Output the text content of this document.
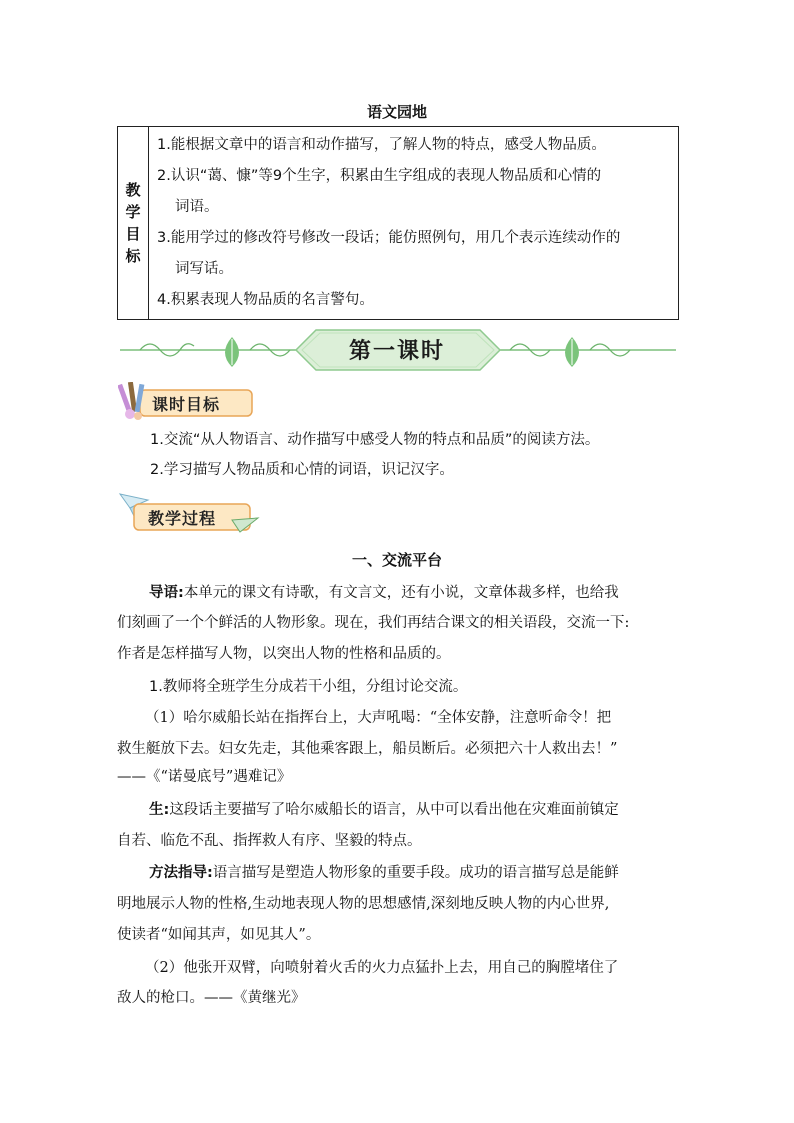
语文园地
教
学
目
标

1.能根据文章中的语言和动作描写，了解人物的特点，感受人物品质。
2.认识“蔼、慷”等9个生字，积累由生字组成的表现人物品质和心情的
词语。
3.能用学过的修改符号修改一段话；能仿照例句，用几个表示连续动作的
词写话。
4.积累表现人物品质的名言警句。
第一课时
课时目标
1.交流“从人物语言、动作描写中感受人物的特点和品质”的阅读方法。
2.学习描写人物品质和心情的词语，识记汉字。
教学过程
一、交流平台
导语:本单元的课文有诗歌，有文言文，还有小说，文章体裁多样，也给我
们刻画了一个个鲜活的人物形象。现在，我们再结合课文的相关语段，交流一下:
作者是怎样描写人物，以突出人物的性格和品质的。
1.教师将全班学生分成若干小组，分组讨论交流。
（1）哈尔威船长站在指挥台上，大声吼喝：“全体安静，注意听命令！把
救生艇放下去。妇女先走，其他乘客跟上，船员断后。必须把六十人救出去！”
——《“诺曼底号”遇难记》
生:这段话主要描写了哈尔威船长的语言，从中可以看出他在灾难面前镇定
自若、临危不乱、指挥救人有序、坚毅的特点。
方法指导:语言描写是塑造人物形象的重要手段。成功的语言描写总是能鲜
明地展示人物的性格,生动地表现人物的思想感情,深刻地反映人物的内心世界,
使读者“如闻其声，如见其人”。
（2）他张开双臂，向喷射着火舌的火力点猛扑上去，用自己的胸膛堵住了
敌人的枪口。——《黄继光》
